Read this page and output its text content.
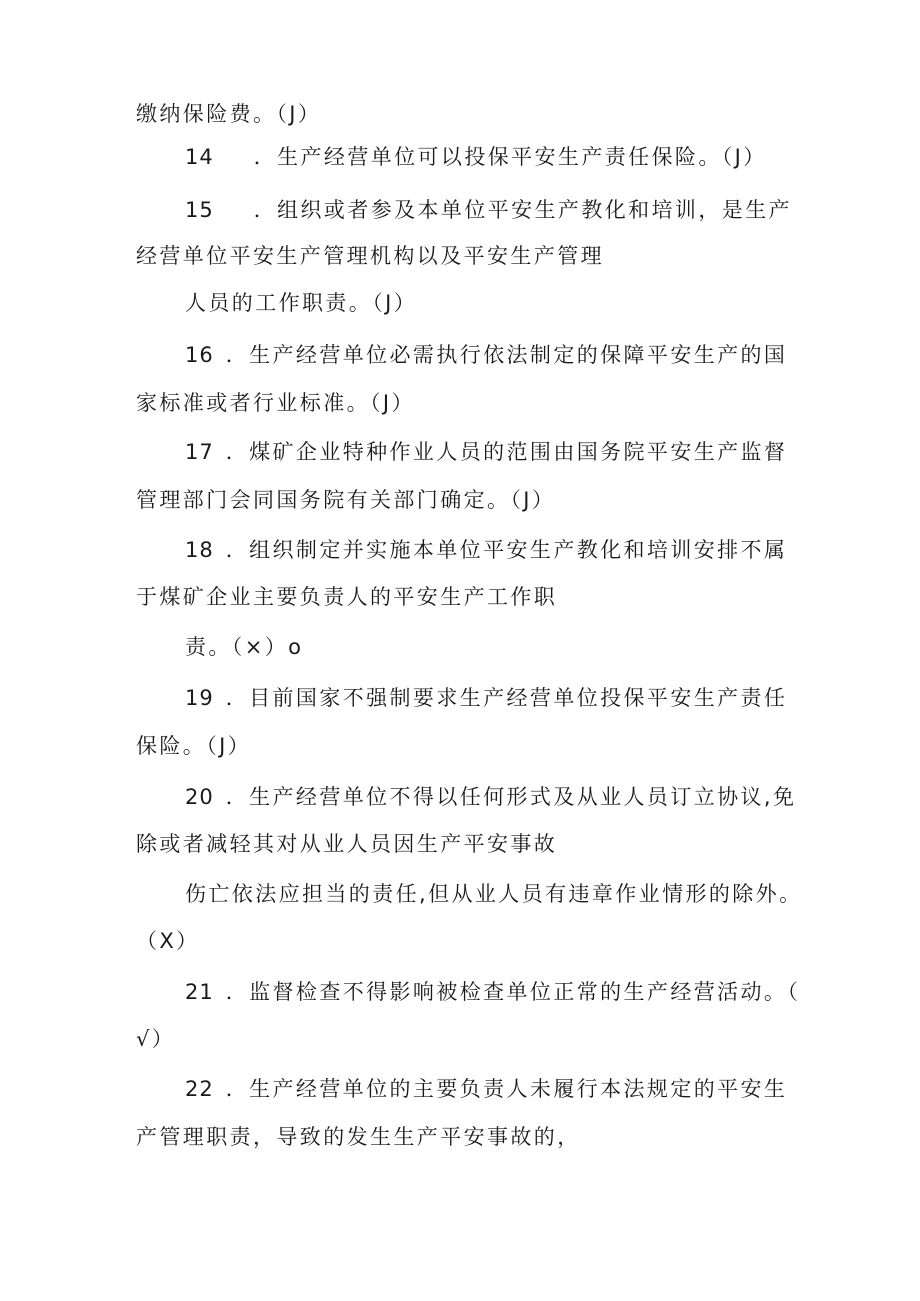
缴纳保险费。（J）
14 ．生产经营单位可以投保平安生产责任保险。（J）
15 ．组织或者参及本单位平安生产教化和培训，是生产
经营单位平安生产管理机构以及平安生产管理
人员的工作职责。（J）
16 ．生产经营单位必需执行依法制定的保障平安生产的国
家标准或者行业标准。（J）
17 ．煤矿企业特种作业人员的范围由国务院平安生产监督
管理部门会同国务院有关部门确定。（J）
18 ．组织制定并实施本单位平安生产教化和培训安排不属
于煤矿企业主要负责人的平安生产工作职
责。（×）o
19 ．目前国家不强制要求生产经营单位投保平安生产责任
保险。（J）
20 ．生产经营单位不得以任何形式及从业人员订立协议,免
除或者减轻其对从业人员因生产平安事故
伤亡依法应担当的责任,但从业人员有违章作业情形的除外。
（X）
21 ．监督检查不得影响被检查单位正常的生产经营活动。（
√）
22 ．生产经营单位的主要负责人未履行本法规定的平安生
产管理职责，导致的发生生产平安事故的，
